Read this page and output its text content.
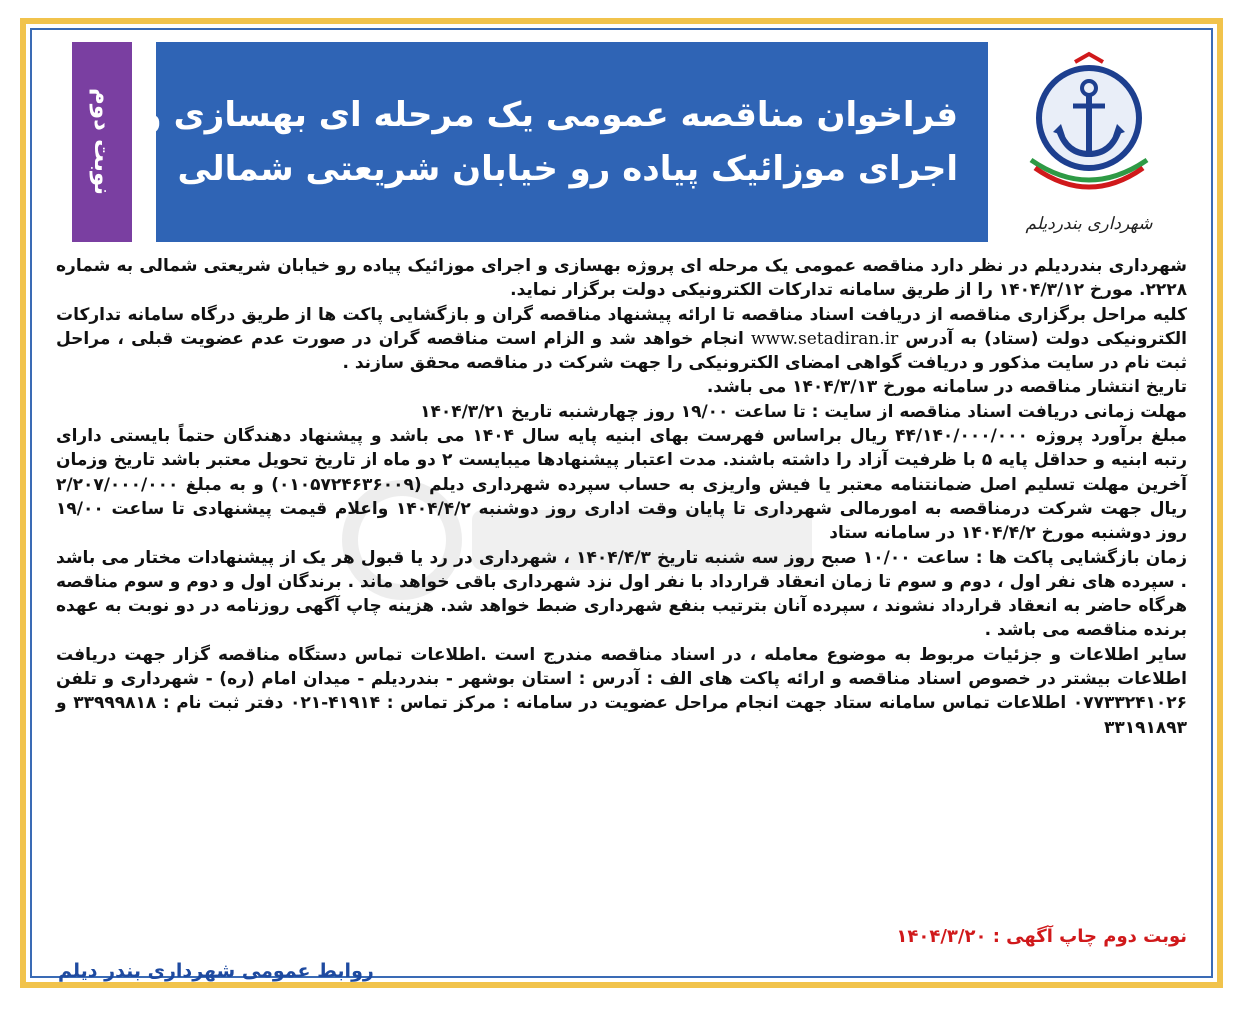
شهرداری بندردیلم
فراخوان مناقصه عمومی یک مرحله ای بهسازی و
اجرای موزائیک پیاده رو خیابان شریعتی شمالی
نوبت دوم

شهرداری بندردیلم در نظر دارد مناقصه عمومی یک مرحله ای پروژه بهسازی و اجرای موزائیک پیاده رو خیابان شریعتی شمالی به شماره ۲۲۲۸. مورخ ۱۴۰۴/۳/۱۲ را از طریق سامانه تدارکات الکترونیکی دولت برگزار نماید.

کلیه مراحل برگزاری مناقصه از دریافت اسناد مناقصه تا ارائه پیشنهاد مناقصه گران و بازگشایی پاکت ها از طریق درگاه سامانه تدارکات الکترونیکی دولت (ستاد) به آدرس www.setadiran.ir انجام خواهد شد و الزام است مناقصه گران در صورت عدم عضویت قبلی ، مراحل ثبت نام در سایت مذکور و دریافت گواهی امضای الکترونیکی را جهت شرکت در مناقصه محقق سازند .

تاریخ انتشار مناقصه در سامانه مورخ ۱۴۰۴/۳/۱۳ می باشد.

مهلت زمانی دریافت اسناد مناقصه از سایت : تا ساعت ۱۹/۰۰ روز چهارشنبه تاریخ ۱۴۰۴/۳/۲۱

مبلغ برآورد پروژه ۴۴/۱۴۰/۰۰۰/۰۰۰ ریال براساس فهرست بهای ابنیه پایه سال ۱۴۰۴ می باشد و پیشنهاد دهندگان حتماً بایستی دارای رتبه ابنیه و حداقل پایه ۵ با ظرفیت آزاد را داشته باشند. مدت اعتبار پیشنهادها میبایست ۲ دو ماه از تاریخ تحویل معتبر باشد تاریخ وزمان آخرین مهلت تسلیم اصل ضمانتنامه معتبر یا فیش واریزی به حساب سپرده شهرداری دیلم (۰۱۰۵۷۲۴۶۳۶۰۰۹) و به مبلغ ۲/۲۰۷/۰۰۰/۰۰۰ ریال جهت شرکت درمناقصه به امورمالی شهرداری تا پایان وقت اداری روز دوشنبه ۱۴۰۴/۴/۲ واعلام قیمت پیشنهادی تا ساعت ۱۹/۰۰ روز دوشنبه مورخ ۱۴۰۴/۴/۲ در سامانه ستاد

زمان بازگشایی پاکت ها : ساعت ۱۰/۰۰ صبح روز سه شنبه تاریخ ۱۴۰۴/۴/۳ ، شهرداری در رد یا قبول هر یک از پیشنهادات مختار می باشد . سپرده های نفر اول ، دوم و سوم تا زمان انعقاد قرارداد با نفر اول نزد شهرداری باقی خواهد ماند . برندگان اول و دوم و سوم مناقصه هرگاه حاضر به انعقاد قرارداد نشوند ، سپرده آنان بترتیب بنفع شهرداری ضبط خواهد شد. هزینه چاپ آگهی روزنامه در دو نوبت به عهده برنده مناقصه می باشد .

سایر اطلاعات و جزئیات مربوط به موضوع معامله ، در اسناد مناقصه مندرج است .اطلاعات تماس دستگاه مناقصه گزار جهت دریافت اطلاعات بیشتر در خصوص اسناد مناقصه و ارائه پاکت های الف : آدرس : استان بوشهر - بندردیلم - میدان امام (ره) - شهرداری و تلفن ۰۷۷۳۳۲۴۱۰۲۶ اطلاعات تماس سامانه ستاد جهت انجام مراحل عضویت در سامانه : مرکز تماس : ۴۱۹۱۴-۰۲۱ دفتر ثبت نام : ۳۳۹۹۹۸۱۸ و ۳۳۱۹۱۸۹۳

نوبت دوم چاپ آگهی : ۱۴۰۴/۳/۲۰
روابط عمومی شهرداری بندر دیلم
